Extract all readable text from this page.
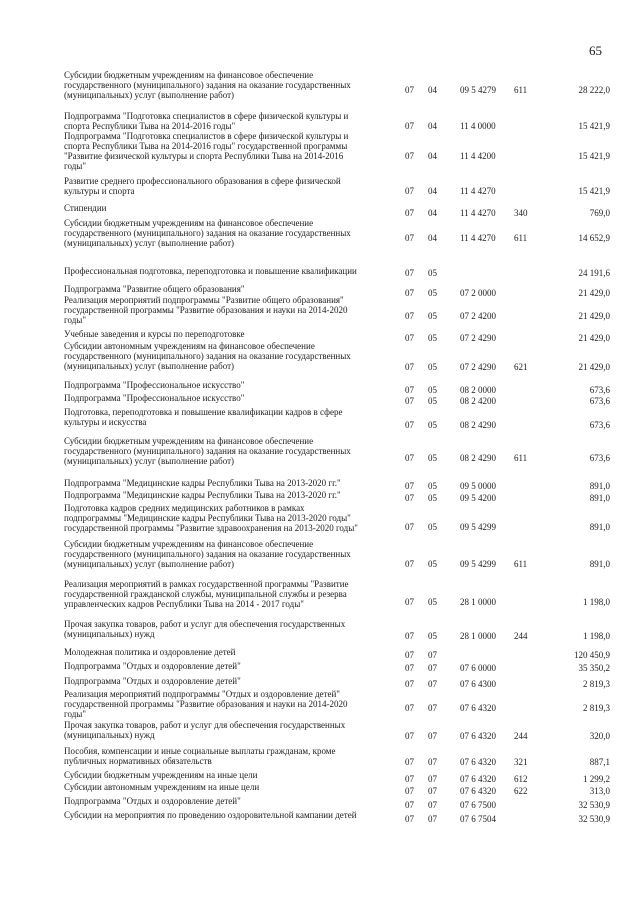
65
Субсидии бюджетным учреждениям на финансовое обеспечение
государственного (муниципального) задания на оказание государственных
(муниципальных) услуг (выполнение работ)	07 04	09 5 4279 611	28 222,0
Подпрограмма "Подготовка специалистов в сфере физической культуры и
спорта Республики Тыва на 2014-2016 годы"	07 04	11 4 0000	15 421,9
Подпрограмма "Подготовка специалистов в сфере физической культуры и
спорта Республики Тыва на 2014-2016 годы" государственной программы
"Развитие физической культуры и спорта Республики Тыва на 2014-2016
годы"
07 04	11 4 4200	15 421,9
Развитие среднего профессионального образования в сфере физической
культуры и спорта	07 04	11 4 4270	15 421,9
Стипендии	07 04	11 4 4270 340	769,0
Субсидии бюджетным учреждениям на финансовое обеспечение
государственного (муниципального) задания на оказание государственных
(муниципальных) услуг (выполнение работ)	07 04	11 4 4270 611	14 652,9
Профессиональная подготовка, переподготовка и повышение квалификации	07 05	24 191,6
Подпрограмма "Развитие общего образования"	07 05	07 2 0000	21 429,0
Реализация мероприятий подпрограммы "Развитие общего образования"
государственной программы "Развитие образования и науки на 2014-2020
годы"	07 05	07 2 4200	21 429,0
Учебные заведения и курсы по переподготовке	07 05	07 2 4290	21 429,0
Субсидии автономным учреждениям на финансовое обеспечение
государственного (муниципального) задания на оказание государственных
(муниципальных) услуг (выполнение работ)	07 05	07 2 4290 621	21 429,0
Подпрограмма "Профессиональное искусство"	07 05	08 2 0000	673,6
Подпрограмма "Профессиональное искусство"	07 05	08 2 4200	673,6
Подготовка, переподготовка и повышение квалификации кадров в сфере
культуры и искусства	07 05	08 2 4290	673,6
Субсидии бюджетным учреждениям на финансовое обеспечение
государственного (муниципального) задания на оказание государственных
(муниципальных) услуг (выполнение работ)	07 05	08 2 4290 611	673,6
Подпрограмма "Медицинские кадры Республики Тыва на 2013-2020 гг."	07 05	09 5 0000	891,0
Подпрограмма "Медицинские кадры Республики Тыва на 2013-2020 гг."	07 05	09 5 4200	891,0
Подготовка кадров средних медицинских работников в рамках
подпрограммы "Медицинские кадры Республики Тыва на 2013-2020 годы"
государственной программы "Развитие здравоохранения на 2013-2020 годы"	07 05	09 5 4299	891,0
Субсидии бюджетным учреждениям на финансовое обеспечение
государственного (муниципального) задания на оказание государственных
(муниципальных) услуг (выполнение работ)	07 05	09 5 4299 611	891,0
Реализация мероприятий в рамках государственной программы "Развитие
государственной гражданской службы, муниципальной службы и резерва
управленческих кадров Республики Тыва на 2014 - 2017 годы"	07 05	28 1 0000	1 198,0
Прочая закупка товаров, работ и услуг для обеспечения государственных
(муниципальных) нужд	07 05	28 1 0000 244	1 198,0
Молодежная политика и оздоровление детей	07 07	120 450,9
Подпрограмма "Отдых и оздоровление детей"	07 07	07 6 0000	35 350,2
Подпрограмма "Отдых и оздоровление детей"	07 07	07 6 4300	2 819,3
Реализация мероприятий подпрограммы "Отдых и оздоровление детей"
государственной программы "Развитие образования и науки на 2014-2020
годы"
07 07	07 6 4320	2 819,3
Прочая закупка товаров, работ и услуг для обеспечения государственных
(муниципальных) нужд	07 07	07 6 4320 244	320,0
Пособия, компенсации и иные социальные выплаты гражданам, кроме
публичных нормативных обязательств	07 07	07 6 4320 321	887,1
Субсидии бюджетным учреждениям на иные цели	07 07	07 6 4320 612	1 299,2
Субсидии автономным учреждениям на иные цели	07 07	07 6 4320 622	313,0
Подпрограмма "Отдых и оздоровление детей"	07 07	07 6 7500	32 530,9
Субсидии на мероприятия по проведению оздоровительной кампании детей	07 07	07 6 7504	32 530,9
